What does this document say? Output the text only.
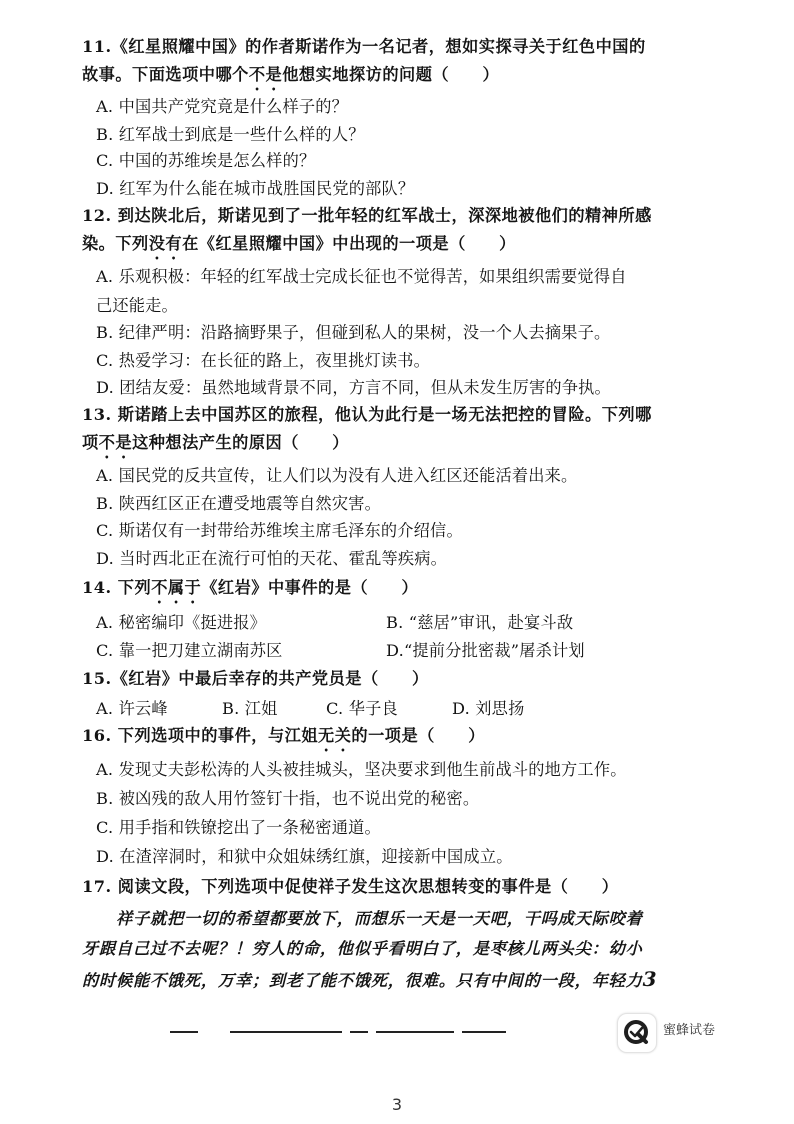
11.《红星照耀中国》的作者斯诺作为一名记者，想如实探寻关于红色中国的
故事。下面选项中哪个不是他想实地探访的问题（　　）
A. 中国共产党究竟是什么样子的？
B. 红军战士到底是一些什么样的人？
C. 中国的苏维埃是怎么样的？
D. 红军为什么能在城市战胜国民党的部队？
12. 到达陕北后，斯诺见到了一批年轻的红军战士，深深地被他们的精神所感
染。下列没有在《红星照耀中国》中出现的一项是（　　）
A. 乐观积极：年轻的红军战士完成长征也不觉得苦，如果组织需要觉得自
己还能走。
B. 纪律严明：沿路摘野果子，但碰到私人的果树，没一个人去摘果子。
C. 热爱学习：在长征的路上，夜里挑灯读书。
D. 团结友爱：虽然地域背景不同，方言不同，但从未发生厉害的争执。
13. 斯诺踏上去中国苏区的旅程，他认为此行是一场无法把控的冒险。下列哪
项不是这种想法产生的原因（　　）
A. 国民党的反共宣传，让人们以为没有人进入红区还能活着出来。
B. 陕西红区正在遭受地震等自然灾害。
C. 斯诺仅有一封带给苏维埃主席毛泽东的介绍信。
D. 当时西北正在流行可怕的天花、霍乱等疾病。
14. 下列不属于《红岩》中事件的是（　　）
A. 秘密编印《挺进报》	B. “慈居”审讯，赴宴斗敌
C. 靠一把刀建立湖南苏区	D.“提前分批密裁”屠杀计划
15.《红岩》中最后幸存的共产党员是（　　）
A. 许云峰	B. 江姐	C. 华子良	D. 刘思扬
16. 下列选项中的事件，与江姐无关的一项是（　　）
A. 发现丈夫彭松涛的人头被挂城头，坚决要求到他生前战斗的地方工作。
B. 被凶残的敌人用竹签钉十指，也不说出党的秘密。
C. 用手指和铁镣挖出了一条秘密通道。
D. 在渣滓洞时，和狱中众姐妹绣红旗，迎接新中国成立。
17. 阅读文段，下列选项中促使祥子发生这次思想转变的事件是（　　）
祥子就把一切的希望都要放下，而想乐一天是一天吧，干吗成天际咬着
牙跟自己过不去呢？！穷人的命，他似乎看明白了，是枣核儿两头尖：幼小
的时候能不饿死，万幸；到老了能不饿死，很难。只有中间的一段，年轻力3
蜜蜂试卷
3
